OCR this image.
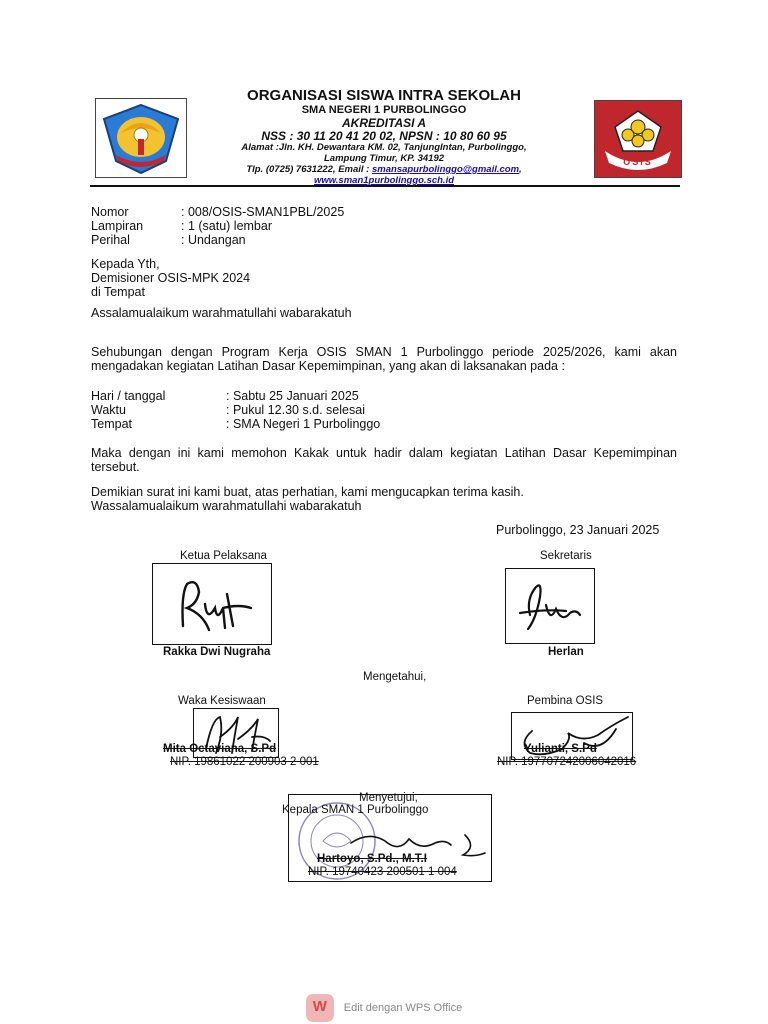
OSIS
ORGANISASI SISWA INTRA SEKOLAH
SMA NEGERI 1 PURBOLINGGO
AKREDITASI A
NSS : 30 11 20 41 20 02, NPSN : 10 80 60 95
Alamat :Jln. KH. Dewantara KM. 02, TanjungIntan, Purbolinggo,
Lampung Timur, KP. 34192
Tlp. (0725) 7631222, Email : smansapurbolinggo@gmail.com,
www.sman1purbolinggo.sch.id
Nomor	: 008/OSIS-SMAN1PBL/2025
Lampiran	: 1 (satu) lembar
Perihal	: Undangan
Kepada Yth,
Demisioner OSIS-MPK 2024
di Tempat
Assalamualaikum warahmatullahi wabarakatuh
Sehubungan dengan Program Kerja OSIS SMAN 1 Purbolinggo periode 2025/2026, kami akan mengadakan kegiatan Latihan Dasar Kepemimpinan, yang akan di laksanakan pada :
Hari / tanggal	: Sabtu 25 Januari 2025
Waktu	: Pukul 12.30 s.d. selesai
Tempat	: SMA Negeri 1 Purbolinggo
Maka dengan ini kami memohon Kakak untuk hadir dalam kegiatan Latihan Dasar Kepemimpinan tersebut.
Demikian surat ini kami buat, atas perhatian, kami mengucapkan terima kasih.
Wassalamualaikum warahmatullahi wabarakatuh
Purbolinggo, 23 Januari 2025
Ketua Pelaksana	Sekretaris
Rakka Dwi Nugraha	Herlan
Mengetahui,
Waka Kesiswaan	Pembina OSIS
Mita Octaviana, S.Pd
NIP. 19861022 200903 2 001
Yulianti, S.Pd
NIP. 197707242006042016
Menyetujui,
Kepala SMAN 1 Purbolinggo
Hartoyo, S.Pd., M.T.I
NIP. 19740423 200501 1 004
W	Edit dengan WPS Office
